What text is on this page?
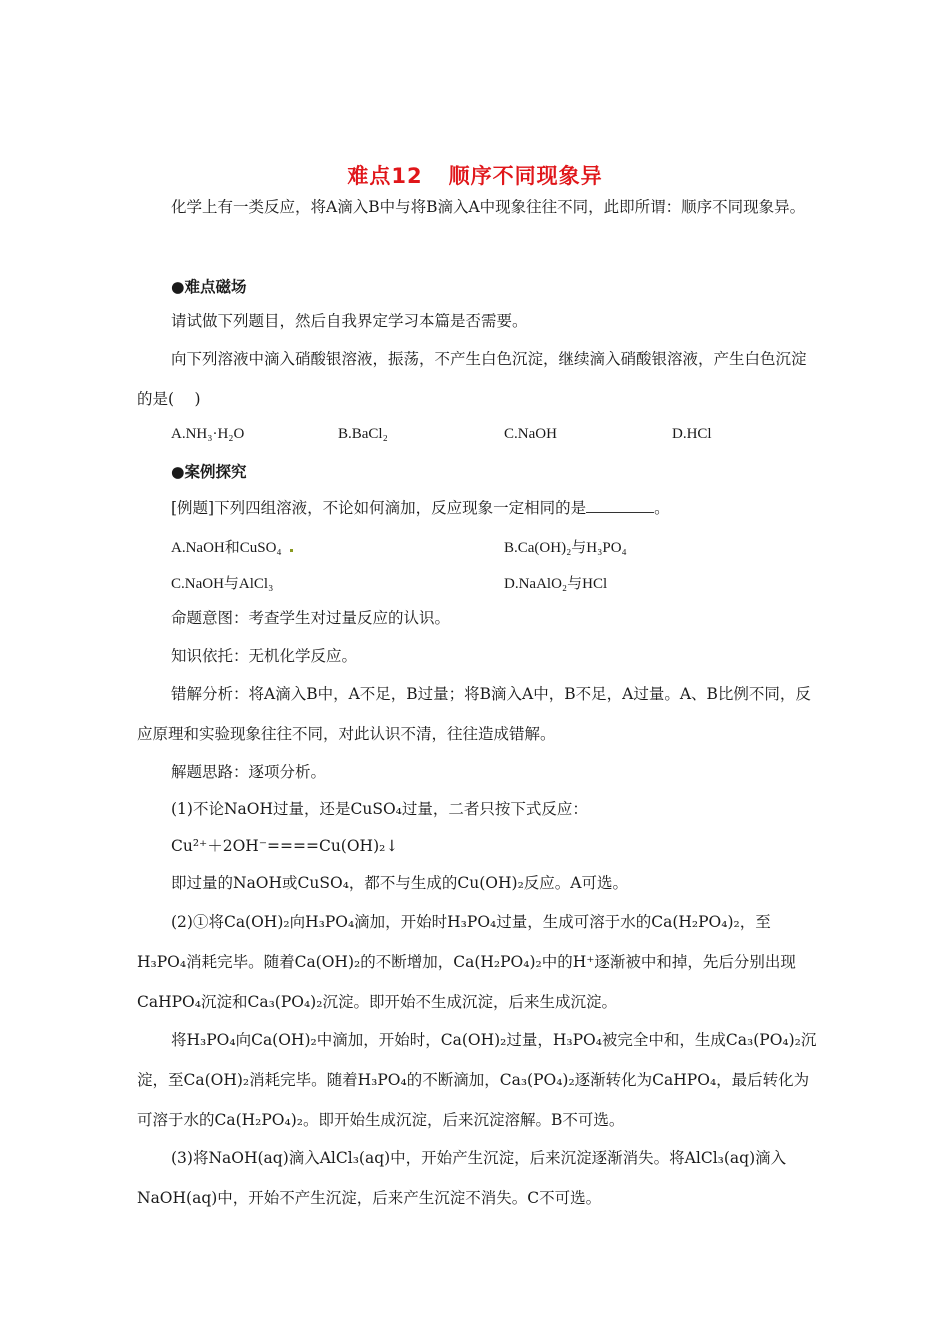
难点12 顺序不同现象异

化学上有一类反应，将A滴入B中与将B滴入A中现象往往不同，此即所谓：顺序不同现象异。

●难点磁场

请试做下列题目，然后自我界定学习本篇是否需要。

向下列溶液中滴入硝酸银溶液，振荡，不产生白色沉淀，继续滴入硝酸银溶液，产生白色沉淀的是(　 )

A.NH₃·H₂O	B.BaCl₂	C.NaOH	D.HCl

●案例探究

[例题]下列四组溶液，不论如何滴加，反应现象一定相同的是	。

A.NaOH和CuSO₄	B.Ca(OH)₂与H₃PO₄
C.NaOH与AlCl₃	D.NaAlO₂与HCl

命题意图：考查学生对过量反应的认识。

知识依托：无机化学反应。

错解分析：将A滴入B中，A不足，B过量；将B滴入A中，B不足，A过量。A、B比例不同，反应原理和实验现象往往不同，对此认识不清，往往造成错解。

解题思路：逐项分析。

(1)不论NaOH过量，还是CuSO₄过量，二者只按下式反应：

Cu²⁺＋2OH⁻====Cu(OH)₂↓

即过量的NaOH或CuSO₄，都不与生成的Cu(OH)₂反应。A可选。

(2)①将Ca(OH)₂向H₃PO₄滴加，开始时H₃PO₄过量，生成可溶于水的Ca(H₂PO₄)₂，至H₃PO₄消耗完毕。随着Ca(OH)₂的不断增加，Ca(H₂PO₄)₂中的H⁺逐渐被中和掉，先后分别出现CaHPO₄沉淀和Ca₃(PO₄)₂沉淀。即开始不生成沉淀，后来生成沉淀。

将H₃PO₄向Ca(OH)₂中滴加，开始时，Ca(OH)₂过量，H₃PO₄被完全中和，生成Ca₃(PO₄)₂沉淀，至Ca(OH)₂消耗完毕。随着H₃PO₄的不断滴加，Ca₃(PO₄)₂逐渐转化为CaHPO₄，最后转化为可溶于水的Ca(H₂PO₄)₂。即开始生成沉淀，后来沉淀溶解。B不可选。

(3)将NaOH(aq)滴入AlCl₃(aq)中，开始产生沉淀，后来沉淀逐渐消失。将AlCl₃(aq)滴入NaOH(aq)中，开始不产生沉淀，后来产生沉淀不消失。C不可选。
